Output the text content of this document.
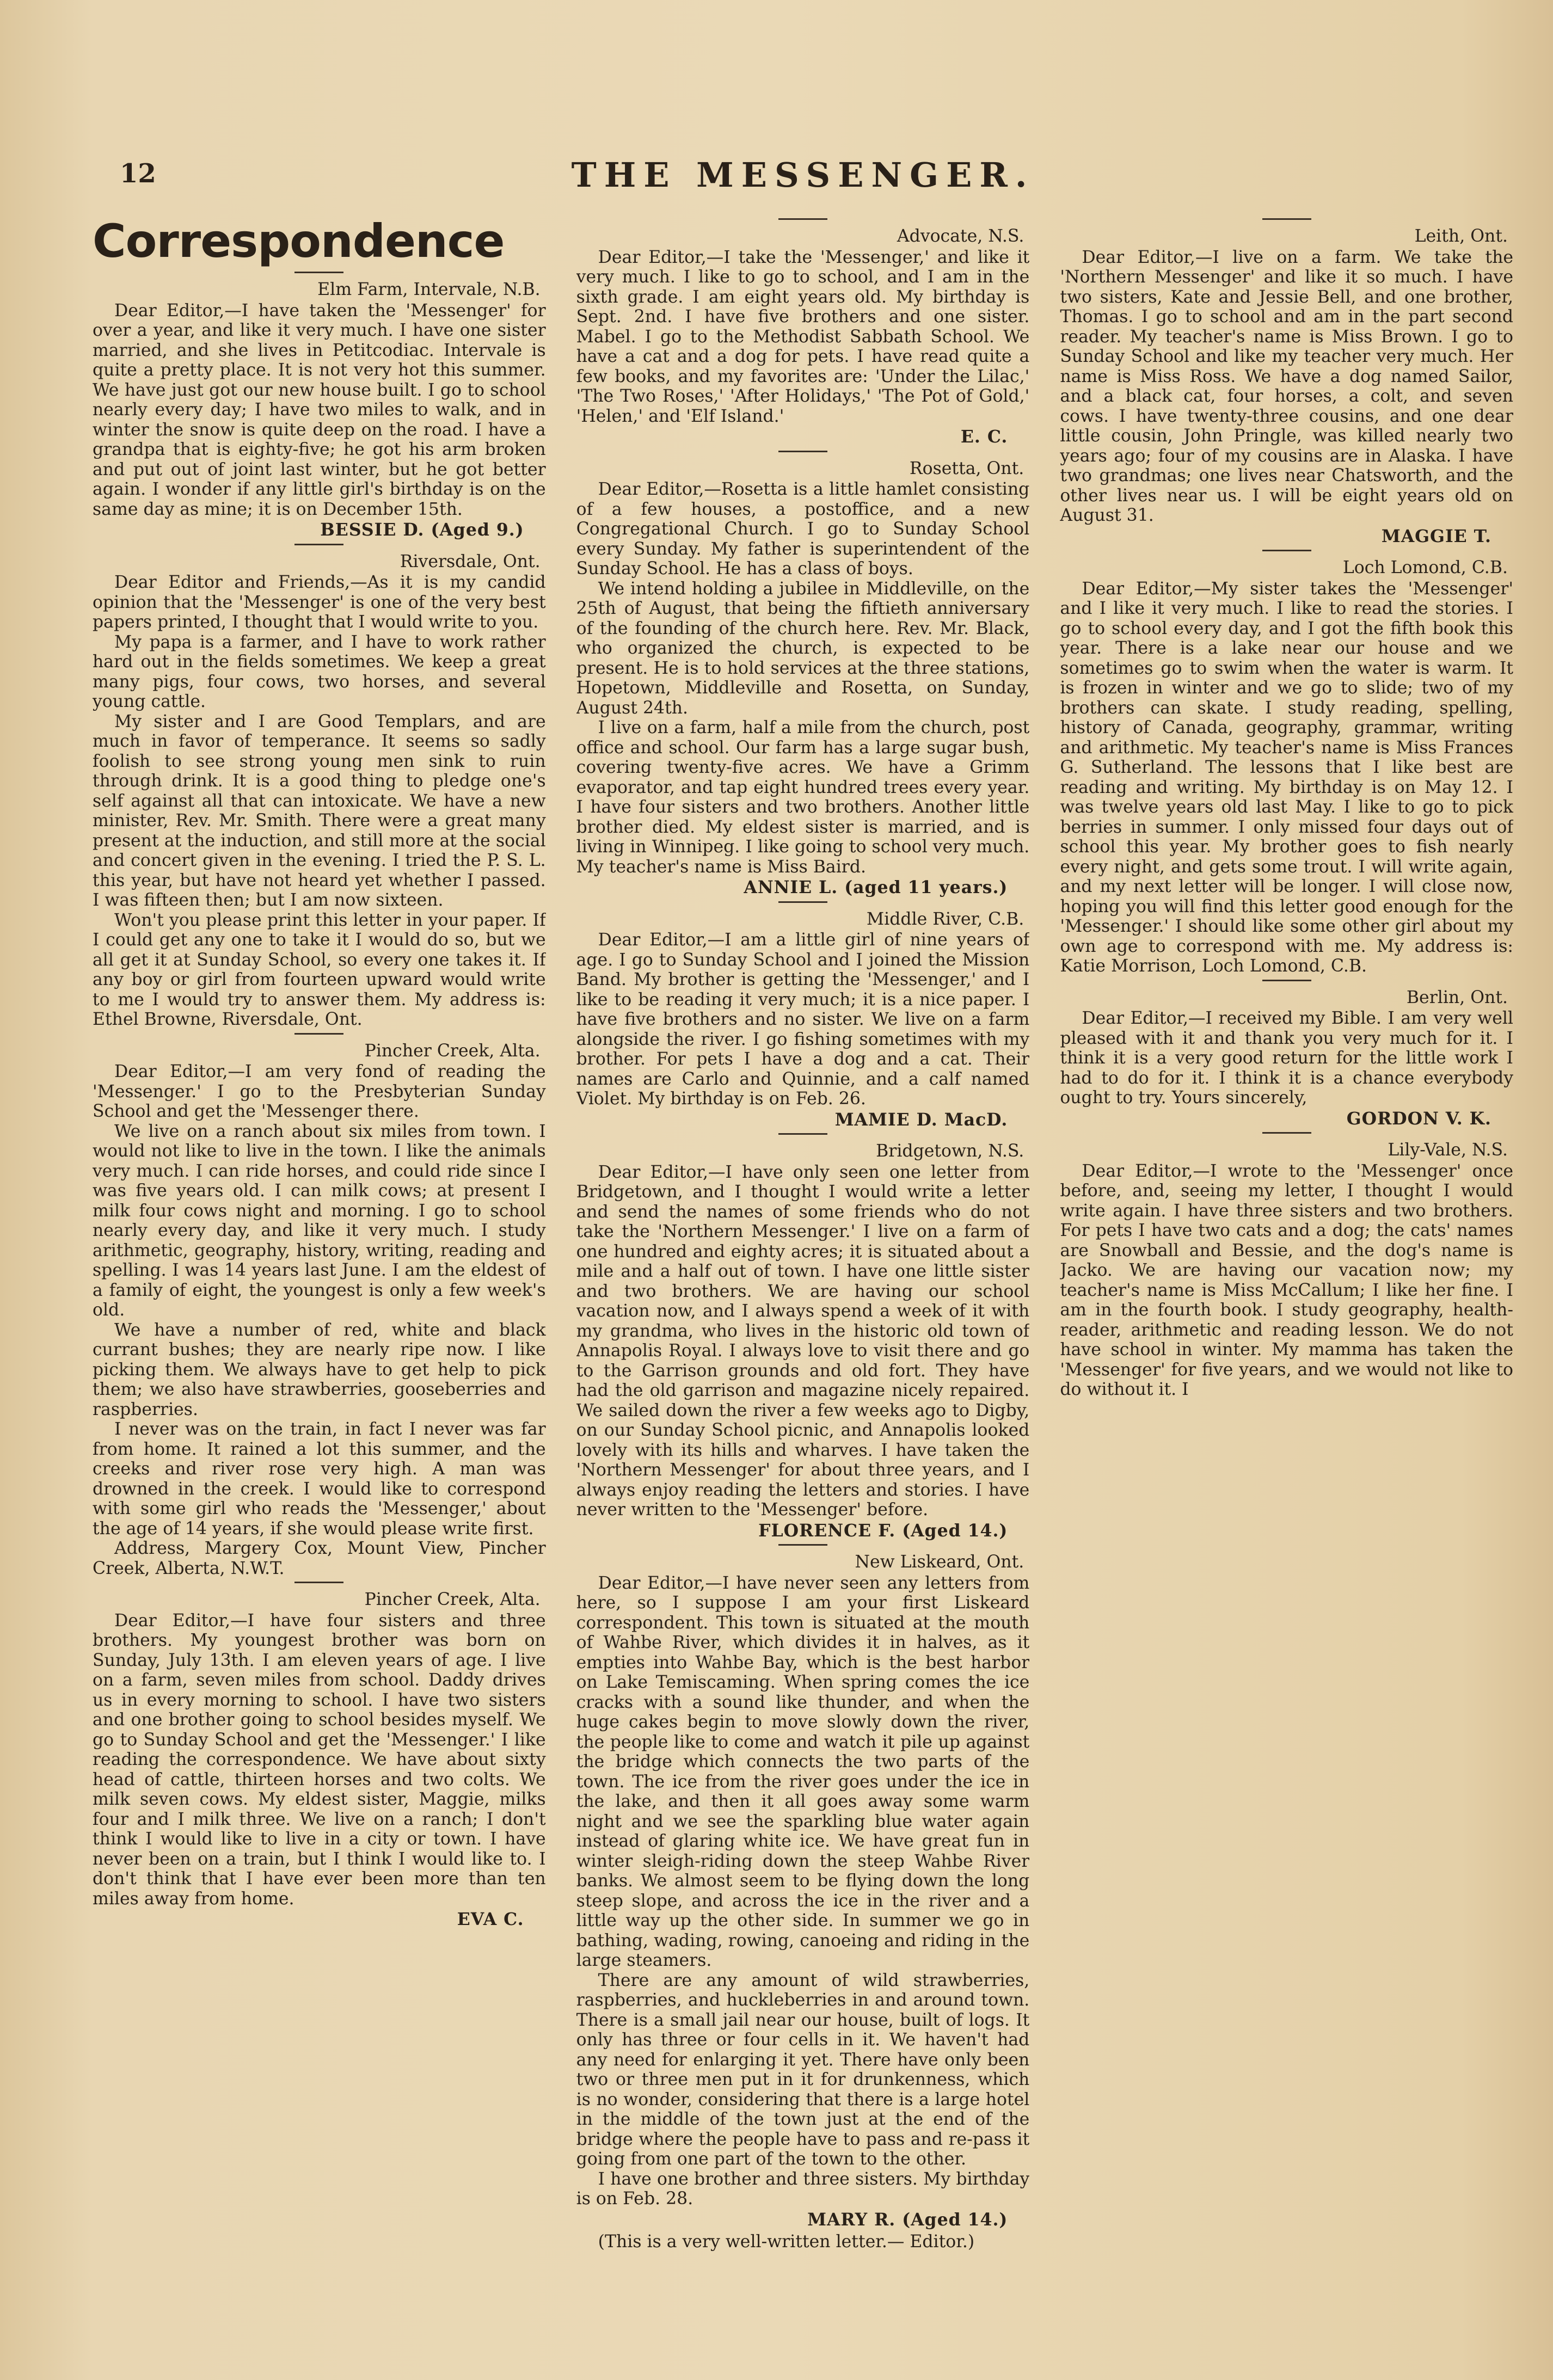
12	THE MESSENGER.
Correspondence
Elm Farm, Intervale, N.B.

Dear Editor,—I have taken the 'Messenger' for over a year, and like it very much. I have one sister married, and she lives in Petitcodiac. Intervale is quite a pretty place. It is not very hot this summer. We have just got our new house built. I go to school nearly every day; I have two miles to walk, and in winter the snow is quite deep on the road. I have a grandpa that is eighty-five; he got his arm broken and put out of joint last winter, but he got better again. I wonder if any little girl's birthday is on the same day as mine; it is on December 15th.

BESSIE D. (Aged 9.)
Riversdale, Ont.

Dear Editor and Friends,—As it is my candid opinion that the 'Messenger' is one of the very best papers printed, I thought that I would write to you.

My papa is a farmer, and I have to work rather hard out in the fields sometimes. We keep a great many pigs, four cows, two horses, and several young cattle.

My sister and I are Good Templars, and are much in favor of temperance. It seems so sadly foolish to see strong young men sink to ruin through drink. It is a good thing to pledge one's self against all that can intoxicate. We have a new minister, Rev. Mr. Smith. There were a great many present at the induction, and still more at the social and concert given in the evening. I tried the P. S. L. this year, but have not heard yet whether I passed. I was fifteen then; but I am now sixteen.

Won't you please print this letter in your paper. If I could get any one to take it I would do so, but we all get it at Sunday School, so every one takes it. If any boy or girl from fourteen upward would write to me I would try to answer them. My address is: Ethel Browne, Riversdale, Ont.

Pincher Creek, Alta.

Dear Editor,—I am very fond of reading the 'Messenger.' I go to the Presbyterian Sunday School and get the 'Messenger there.

We live on a ranch about six miles from town. I would not like to live in the town. I like the animals very much. I can ride horses, and could ride since I was five years old. I can milk cows; at present I milk four cows night and morning. I go to school nearly every day, and like it very much. I study arithmetic, geography, history, writing, reading and spelling. I was 14 years last June. I am the eldest of a family of eight, the youngest is only a few week's old.

We have a number of red, white and black currant bushes; they are nearly ripe now. I like picking them. We always have to get help to pick them; we also have strawberries, gooseberries and raspberries.

I never was on the train, in fact I never was far from home. It rained a lot this summer, and the creeks and river rose very high. A man was drowned in the creek. I would like to correspond with some girl who reads the 'Messenger,' about the age of 14 years, if she would please write first.

Address, Margery Cox, Mount View, Pincher Creek, Alberta, N.W.T.

Pincher Creek, Alta.

Dear Editor,—I have four sisters and three brothers. My youngest brother was born on Sunday, July 13th. I am eleven years of age. I live on a farm, seven miles from school. Daddy drives us in every morning to school. I have two sisters and one brother going to school besides myself. We go to Sunday School and get the 'Messenger.' I like reading the correspondence. We have about sixty head of cattle, thirteen horses and two colts. We milk seven cows. My eldest sister, Maggie, milks four and I milk three. We live on a ranch; I don't think I would like to live in a city or town. I have never been on a train, but I think I would like to. I don't think that I have ever been more than ten miles away from home.

EVA C.
Advocate, N.S.

Dear Editor,—I take the 'Messenger,' and like it very much. I like to go to school, and I am in the sixth grade. I am eight years old. My birthday is Sept. 2nd. I have five brothers and one sister. Mabel. I go to the Methodist Sabbath School. We have a cat and a dog for pets. I have read quite a few books, and my favorites are: 'Under the Lilac,' 'The Two Roses,' 'After Holidays,' 'The Pot of Gold,' 'Helen,' and 'Elf Island.'

E. C.
Rosetta, Ont.

Dear Editor,—Rosetta is a little hamlet consisting of a few houses, a postoffice, and a new Congregational Church. I go to Sunday School every Sunday. My father is superintendent of the Sunday School. He has a class of boys.

We intend holding a jubilee in Middleville, on the 25th of August, that being the fiftieth anniversary of the founding of the church here. Rev. Mr. Black, who organized the church, is expected to be present. He is to hold services at the three stations, Hopetown, Middleville and Rosetta, on Sunday, August 24th.

I live on a farm, half a mile from the church, post office and school. Our farm has a large sugar bush, covering twenty-five acres. We have a Grimm evaporator, and tap eight hundred trees every year. I have four sisters and two brothers. Another little brother died. My eldest sister is married, and is living in Winnipeg. I like going to school very much. My teacher's name is Miss Baird.

ANNIE L. (aged 11 years.)
Middle River, C.B.

Dear Editor,—I am a little girl of nine years of age. I go to Sunday School and I joined the Mission Band. My brother is getting the 'Messenger,' and I like to be reading it very much; it is a nice paper. I have five brothers and no sister. We live on a farm alongside the river. I go fishing sometimes with my brother. For pets I have a dog and a cat. Their names are Carlo and Quinnie, and a calf named Violet. My birthday is on Feb. 26.

MAMIE D. MacD.
Bridgetown, N.S.

Dear Editor,—I have only seen one letter from Bridgetown, and I thought I would write a letter and send the names of some friends who do not take the 'Northern Messenger.' I live on a farm of one hundred and eighty acres; it is situated about a mile and a half out of town. I have one little sister and two brothers. We are having our school vacation now, and I always spend a week of it with my grandma, who lives in the historic old town of Annapolis Royal. I always love to visit there and go to the Garrison grounds and old fort. They have had the old garrison and magazine nicely repaired. We sailed down the river a few weeks ago to Digby, on our Sunday School picnic, and Annapolis looked lovely with its hills and wharves. I have taken the 'Northern Messenger' for about three years, and I always enjoy reading the letters and stories. I have never written to the 'Messenger' before.

FLORENCE F. (Aged 14.)
New Liskeard, Ont.

Dear Editor,—I have never seen any letters from here, so I suppose I am your first Liskeard correspondent. This town is situated at the mouth of Wahbe River, which divides it in halves, as it empties into Wahbe Bay, which is the best harbor on Lake Temiscaming. When spring comes the ice cracks with a sound like thunder, and when the huge cakes begin to move slowly down the river, the people like to come and watch it pile up against the bridge which connects the two parts of the town. The ice from the river goes under the ice in the lake, and then it all goes away some warm night and we see the sparkling blue water again instead of glaring white ice. We have great fun in winter sleigh-riding down the steep Wahbe River banks. We almost seem to be flying down the long steep slope, and across the ice in the river and a little way up the other side. In summer we go in bathing, wading, rowing, canoeing and riding in the large steamers.

There are any amount of wild strawberries, raspberries, and huckleberries in and around town. There is a small jail near our house, built of logs. It only has three or four cells in it. We haven't had any need for enlarging it yet. There have only been two or three men put in it for drunkenness, which is no wonder, considering that there is a large hotel in the middle of the town just at the end of the bridge where the people have to pass and re-pass it going from one part of the town to the other.

I have one brother and three sisters. My birthday is on Feb. 28.

MARY R. (Aged 14.)

(This is a very well-written letter.— Editor.)

Leith, Ont.

Dear Editor,—I live on a farm. We take the 'Northern Messenger' and like it so much. I have two sisters, Kate and Jessie Bell, and one brother, Thomas. I go to school and am in the part second reader. My teacher's name is Miss Brown. I go to Sunday School and like my teacher very much. Her name is Miss Ross. We have a dog named Sailor, and a black cat, four horses, a colt, and seven cows. I have twenty-three cousins, and one dear little cousin, John Pringle, was killed nearly two years ago; four of my cousins are in Alaska. I have two grandmas; one lives near Chatsworth, and the other lives near us. I will be eight years old on August 31.

MAGGIE T.
Loch Lomond, C.B.

Dear Editor,—My sister takes the 'Messenger' and I like it very much. I like to read the stories. I go to school every day, and I got the fifth book this year. There is a lake near our house and we sometimes go to swim when the water is warm. It is frozen in winter and we go to slide; two of my brothers can skate. I study reading, spelling, history of Canada, geography, grammar, writing and arithmetic. My teacher's name is Miss Frances G. Sutherland. The lessons that I like best are reading and writing. My birthday is on May 12. I was twelve years old last May. I like to go to pick berries in summer. I only missed four days out of school this year. My brother goes to fish nearly every night, and gets some trout. I will write again, and my next letter will be longer. I will close now, hoping you will find this letter good enough for the 'Messenger.' I should like some other girl about my own age to correspond with me. My address is: Katie Morrison, Loch Lomond, C.B.

Berlin, Ont.

Dear Editor,—I received my Bible. I am very well pleased with it and thank you very much for it. I think it is a very good return for the little work I had to do for it. I think it is a chance everybody ought to try. Yours sincerely,

GORDON V. K.
Lily-Vale, N.S.

Dear Editor,—I wrote to the 'Messenger' once before, and, seeing my letter, I thought I would write again. I have three sisters and two brothers. For pets I have two cats and a dog; the cats' names are Snowball and Bessie, and the dog's name is Jacko. We are having our vacation now; my teacher's name is Miss McCallum; I like her fine. I am in the fourth book. I study geography, health-reader, arithmetic and reading lesson. We do not have school in winter. My mamma has taken the 'Messenger' for five years, and we would not like to do without it. I
